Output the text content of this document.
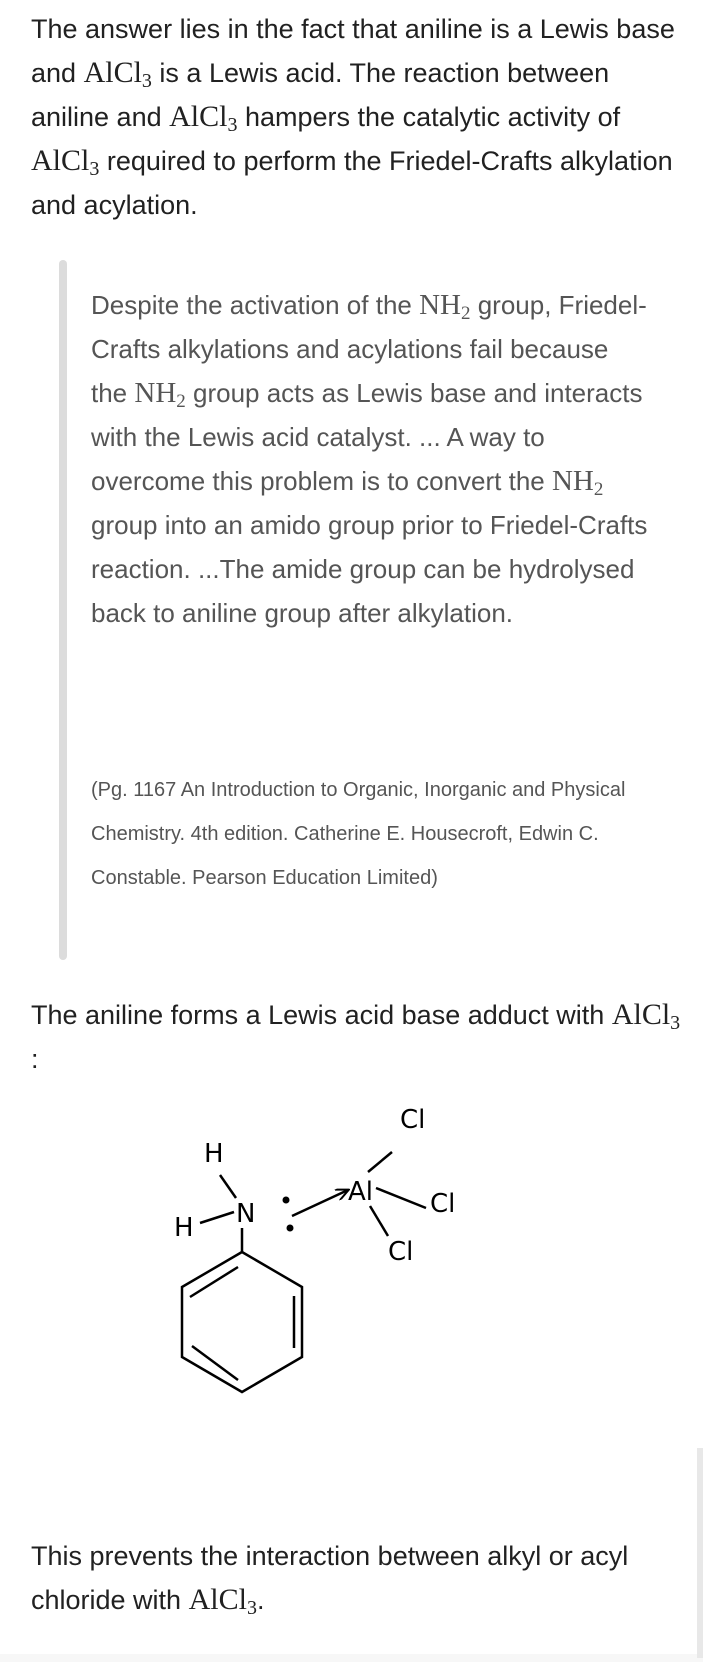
The answer lies in the fact that aniline is a Lewis base and AlCl$_3$ is a Lewis acid. The reaction between aniline and AlCl$_3$ hampers the catalytic activity of AlCl$_3$ required to perform the Friedel-Crafts alkylation and acylation.

Despite the activation of the $NH_2$ group, Friedel-Crafts alkylations and acylations fail because the $NH_2$ group acts as Lewis base and interacts with the Lewis acid catalyst. ... A way to overcome this problem is to convert the $NH_2$ group into an amido group prior to Friedel-Crafts reaction. ...The amide group can be hydrolysed back to aniline group after alkylation.

(Pg. 1167 An Introduction to Organic, Inorganic and Physical Chemistry. 4th edition. Catherine E. Housecroft, Edwin C. Constable. Pearson Education Limited)

The aniline forms a Lewis acid base adduct with AlCl$_3$ :

H
H N
Al
Cl
Cl
Cl

This prevents the interaction between alkyl or acyl chloride with AlCl$_3$.
